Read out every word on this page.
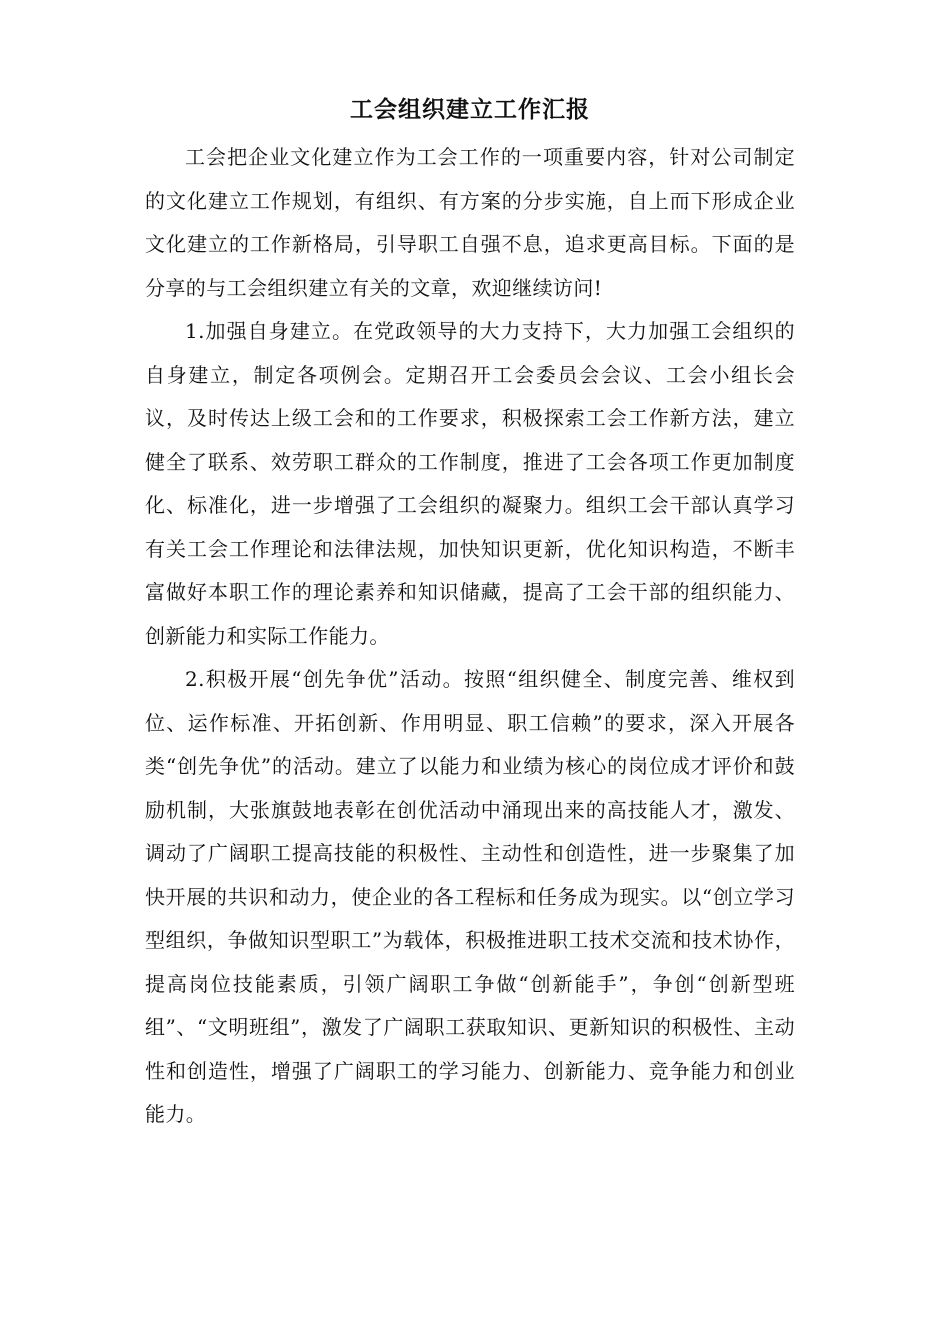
工会组织建立工作汇报

工会把企业文化建立作为工会工作的一项重要内容，针对公司制定的文化建立工作规划，有组织、有方案的分步实施，自上而下形成企业文化建立的工作新格局，引导职工自强不息，追求更高目标。下面的是分享的与工会组织建立有关的文章，欢迎继续访问!

1.加强自身建立。在党政领导的大力支持下，大力加强工会组织的自身建立，制定各项例会。定期召开工会委员会会议、工会小组长会议，及时传达上级工会和的工作要求，积极探索工会工作新方法，建立健全了联系、效劳职工群众的工作制度，推进了工会各项工作更加制度化、标准化，进一步增强了工会组织的凝聚力。组织工会干部认真学习有关工会工作理论和法律法规，加快知识更新，优化知识构造，不断丰富做好本职工作的理论素养和知识储藏，提高了工会干部的组织能力、创新能力和实际工作能力。

2.积极开展“创先争优”活动。按照“组织健全、制度完善、维权到位、运作标准、开拓创新、作用明显、职工信赖”的要求，深入开展各类“创先争优”的活动。建立了以能力和业绩为核心的岗位成才评价和鼓励机制，大张旗鼓地表彰在创优活动中涌现出来的高技能人才，激发、调动了广阔职工提高技能的积极性、主动性和创造性，进一步聚集了加快开展的共识和动力，使企业的各工程标和任务成为现实。以“创立学习型组织，争做知识型职工”为载体，积极推进职工技术交流和技术协作，提高岗位技能素质，引领广阔职工争做“创新能手”，争创“创新型班组”、“文明班组”，激发了广阔职工获取知识、更新知识的积极性、主动性和创造性，增强了广阔职工的学习能力、创新能力、竞争能力和创业能力。
